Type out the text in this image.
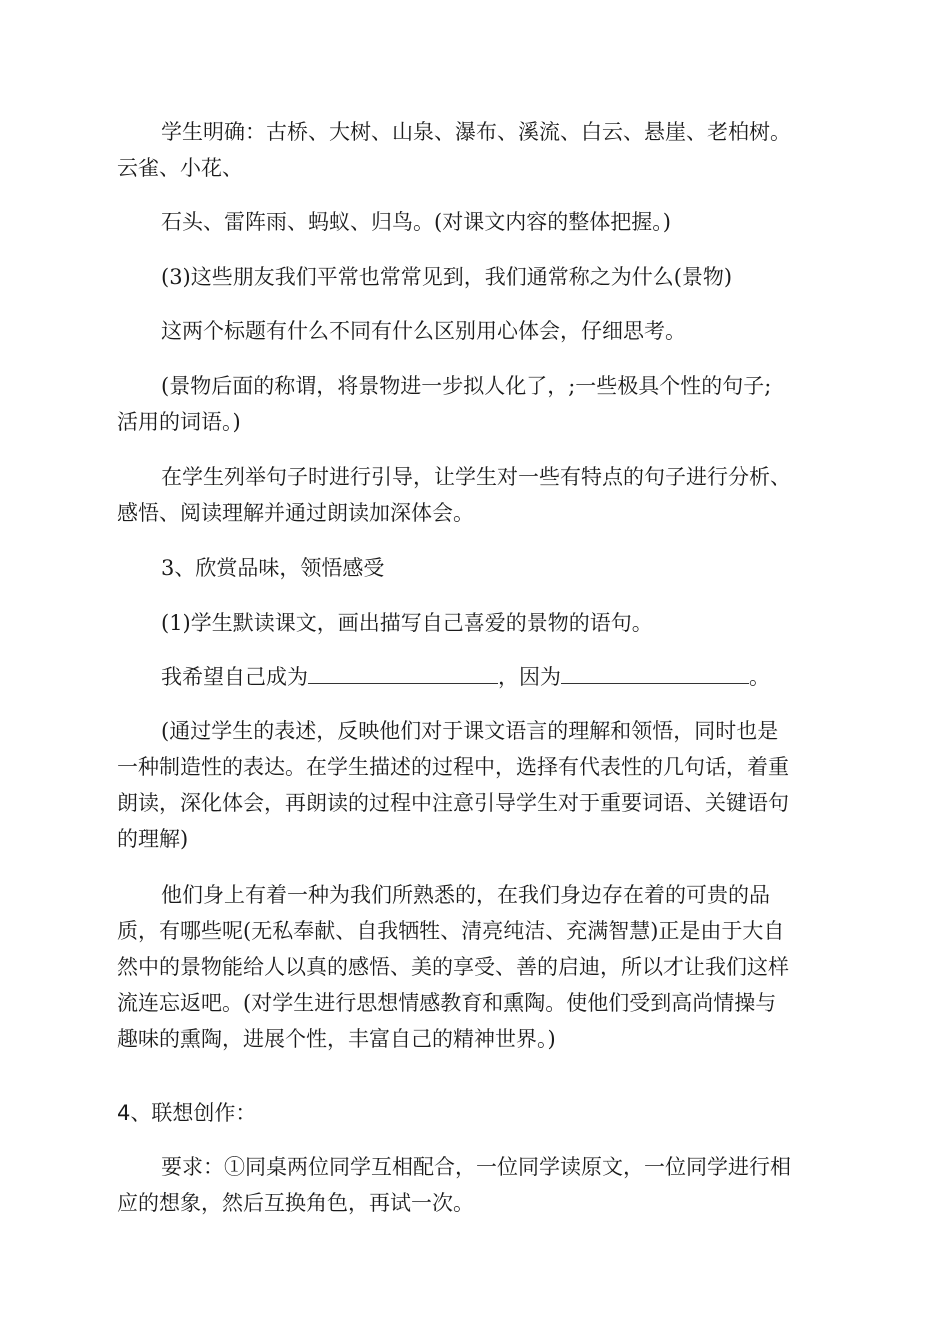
学生明确：古桥、大树、山泉、瀑布、溪流、白云、悬崖、老柏树。
云雀、小花、

石头、雷阵雨、蚂蚁、归鸟。(对课文内容的整体把握。)

(3)这些朋友我们平常也常常见到，我们通常称之为什么(景物)

这两个标题有什么不同有什么区别用心体会，仔细思考。

(景物后面的称谓，将景物进一步拟人化了，;一些极具个性的句子;
活用的词语。)

在学生列举句子时进行引导，让学生对一些有特点的句子进行分析、
感悟、阅读理解并通过朗读加深体会。

3、欣赏品味，领悟感受

(1)学生默读课文，画出描写自己喜爱的景物的语句。

我希望自己成为	，因为	。

(通过学生的表述，反映他们对于课文语言的理解和领悟，同时也是
一种制造性的表达。在学生描述的过程中，选择有代表性的几句话，着重
朗读，深化体会，再朗读的过程中注意引导学生对于重要词语、关键语句
的理解)

他们身上有着一种为我们所熟悉的，在我们身边存在着的可贵的品
质，有哪些呢(无私奉献、自我牺牲、清亮纯洁、充满智慧)正是由于大自
然中的景物能给人以真的感悟、美的享受、善的启迪，所以才让我们这样
流连忘返吧。(对学生进行思想情感教育和熏陶。使他们受到高尚情操与
趣味的熏陶，进展个性，丰富自己的精神世界。)

4、联想创作：

要求：①同桌两位同学互相配合，一位同学读原文，一位同学进行相
应的想象，然后互换角色，再试一次。
